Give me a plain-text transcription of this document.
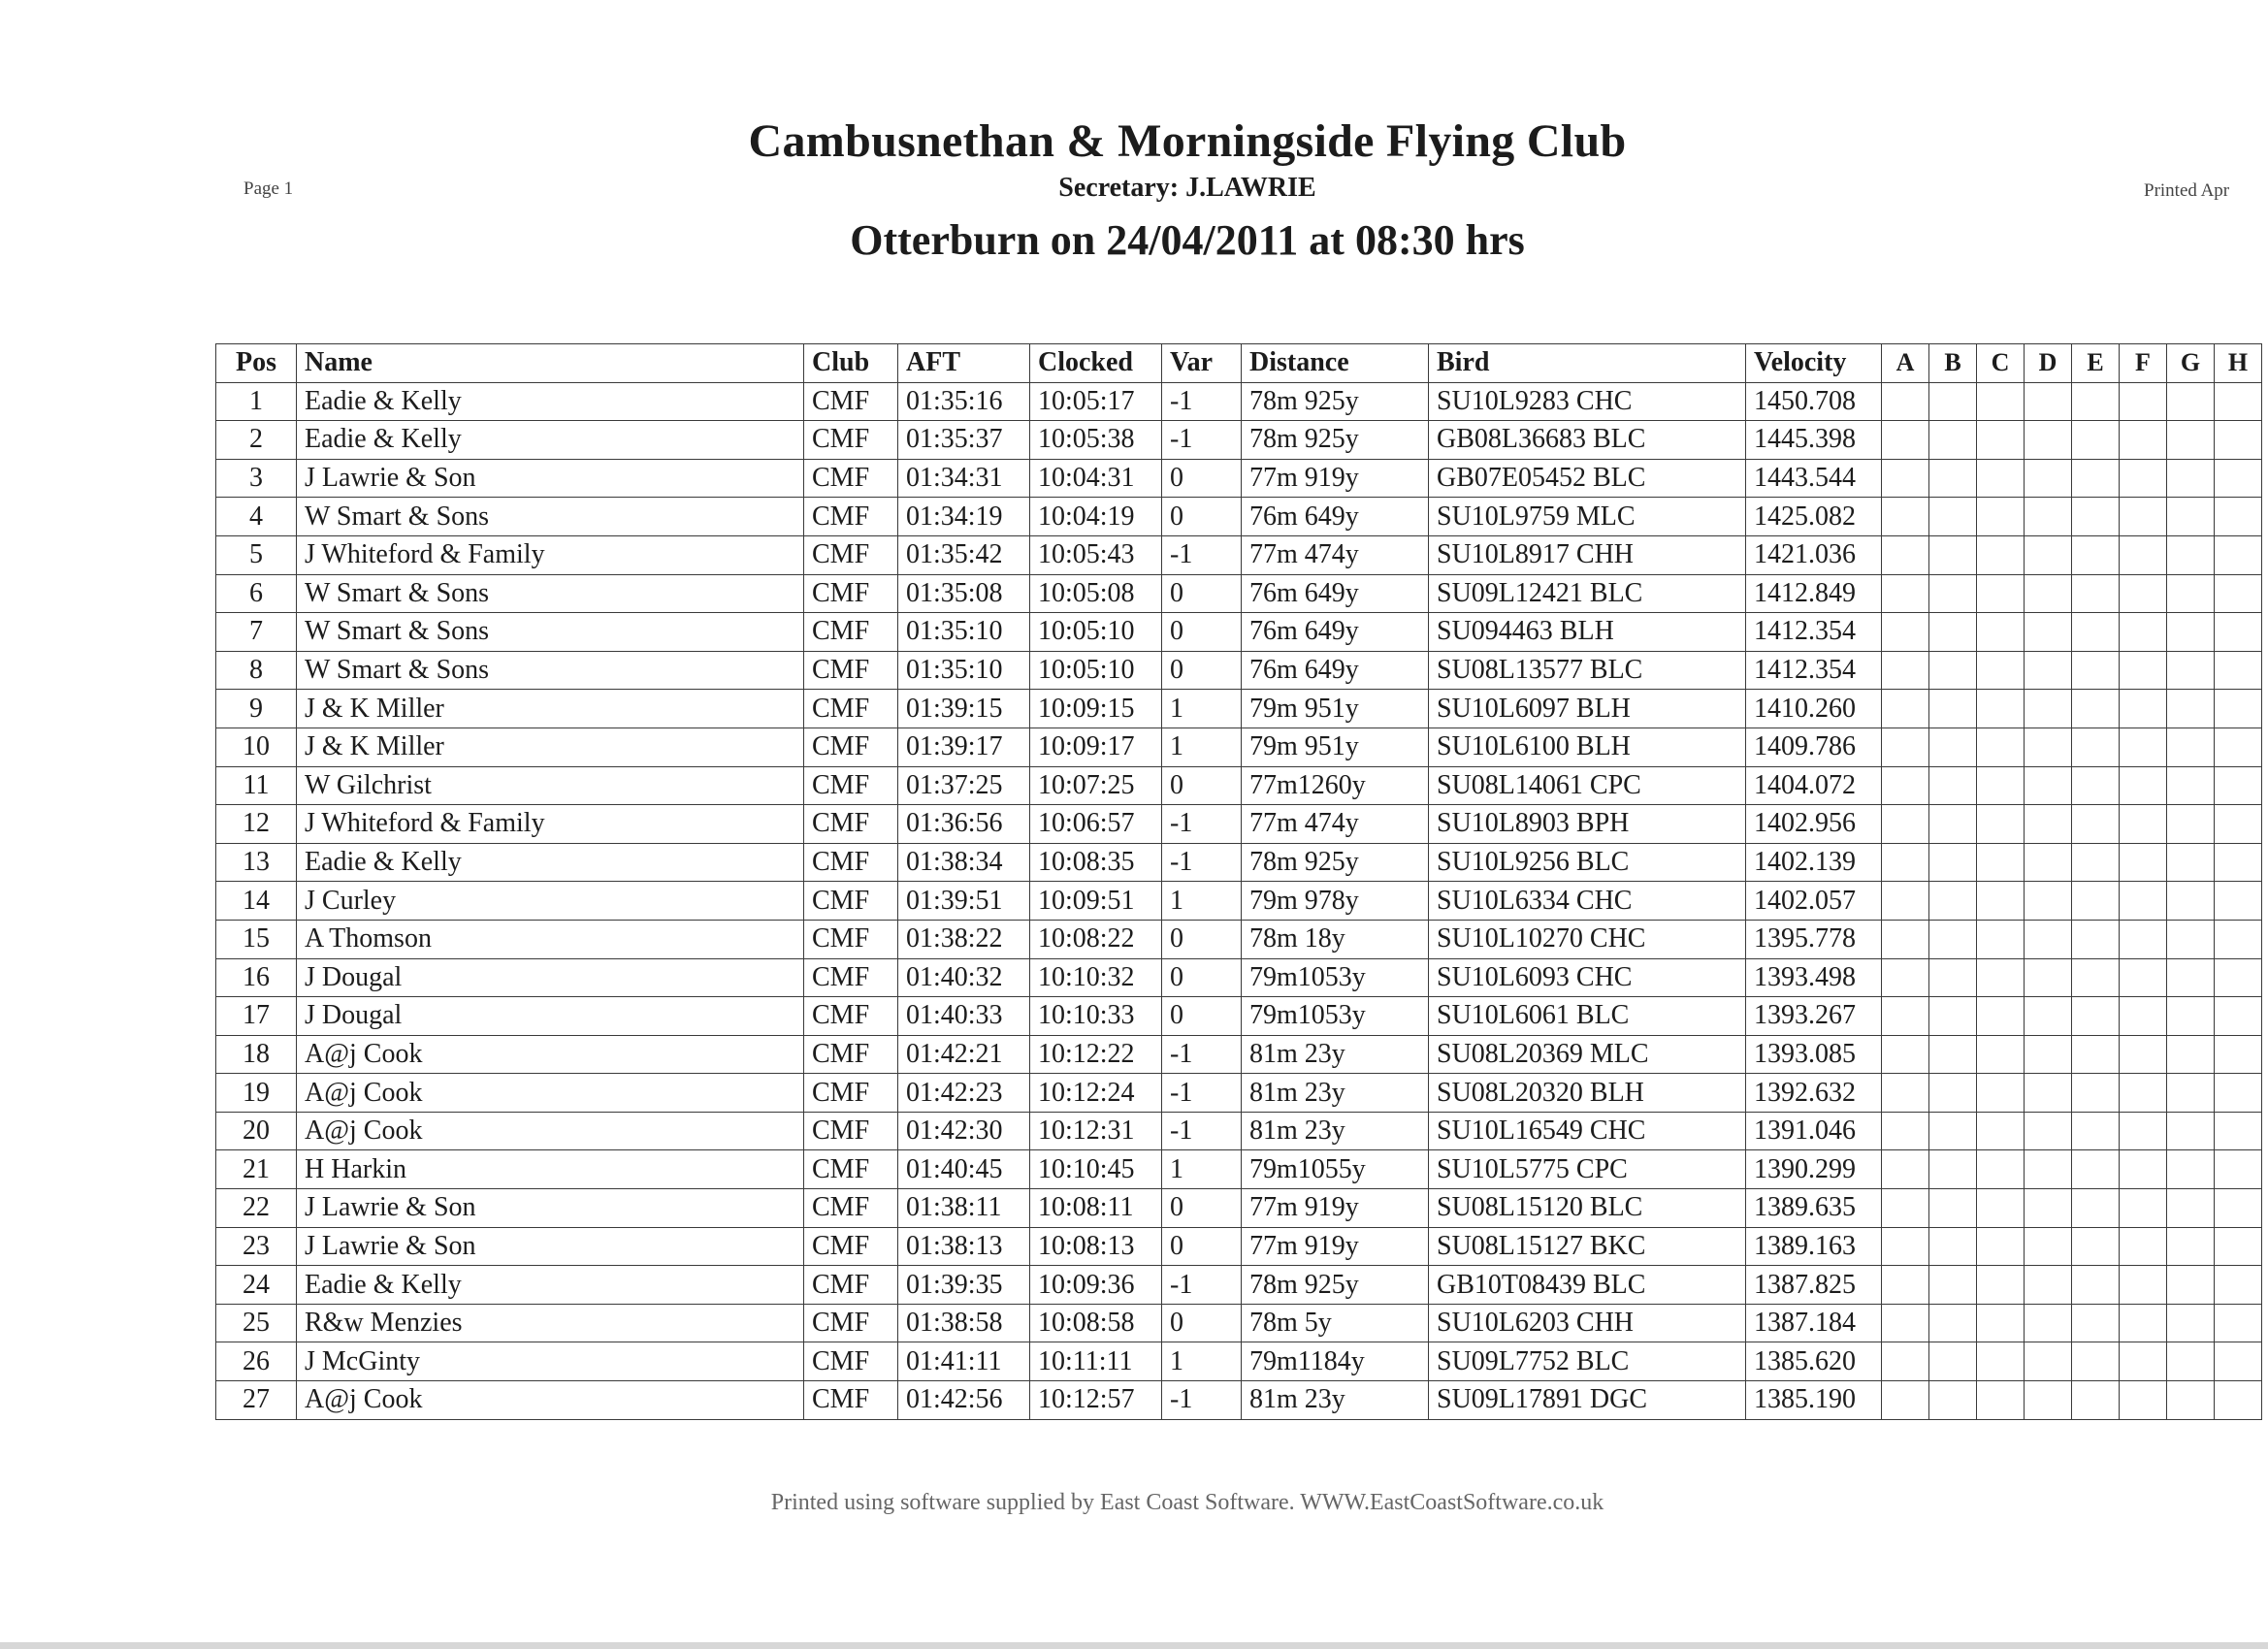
Page 1	Printed Apr
Cambusnethan & Morningside Flying Club
Secretary: J.LAWRIE
Otterburn on 24/04/2011 at 08:30 hrs
Pos	Name	Club	AFT	Clocked	Var	Distance	Bird	Velocity	A	B	C	D	E	F	G	H
1	Eadie & Kelly	CMF	01:35:16	10:05:17	-1	78m 925y	SU10L9283 CHC	1450.708								
2	Eadie & Kelly	CMF	01:35:37	10:05:38	-1	78m 925y	GB08L36683 BLC	1445.398								
3	J Lawrie & Son	CMF	01:34:31	10:04:31	0	77m 919y	GB07E05452 BLC	1443.544								
4	W Smart & Sons	CMF	01:34:19	10:04:19	0	76m 649y	SU10L9759 MLC	1425.082								
5	J Whiteford & Family	CMF	01:35:42	10:05:43	-1	77m 474y	SU10L8917 CHH	1421.036								
6	W Smart & Sons	CMF	01:35:08	10:05:08	0	76m 649y	SU09L12421 BLC	1412.849								
7	W Smart & Sons	CMF	01:35:10	10:05:10	0	76m 649y	SU094463 BLH	1412.354								
8	W Smart & Sons	CMF	01:35:10	10:05:10	0	76m 649y	SU08L13577 BLC	1412.354								
9	J & K Miller	CMF	01:39:15	10:09:15	1	79m 951y	SU10L6097 BLH	1410.260								
10	J & K Miller	CMF	01:39:17	10:09:17	1	79m 951y	SU10L6100 BLH	1409.786								
11	W Gilchrist	CMF	01:37:25	10:07:25	0	77m1260y	SU08L14061 CPC	1404.072								
12	J Whiteford & Family	CMF	01:36:56	10:06:57	-1	77m 474y	SU10L8903 BPH	1402.956								
13	Eadie & Kelly	CMF	01:38:34	10:08:35	-1	78m 925y	SU10L9256 BLC	1402.139								
14	J Curley	CMF	01:39:51	10:09:51	1	79m 978y	SU10L6334 CHC	1402.057								
15	A Thomson	CMF	01:38:22	10:08:22	0	78m 18y	SU10L10270 CHC	1395.778								
16	J Dougal	CMF	01:40:32	10:10:32	0	79m1053y	SU10L6093 CHC	1393.498								
17	J Dougal	CMF	01:40:33	10:10:33	0	79m1053y	SU10L6061 BLC	1393.267								
18	A@j Cook	CMF	01:42:21	10:12:22	-1	81m 23y	SU08L20369 MLC	1393.085								
19	A@j Cook	CMF	01:42:23	10:12:24	-1	81m 23y	SU08L20320 BLH	1392.632								
20	A@j Cook	CMF	01:42:30	10:12:31	-1	81m 23y	SU10L16549 CHC	1391.046								
21	H Harkin	CMF	01:40:45	10:10:45	1	79m1055y	SU10L5775 CPC	1390.299								
22	J Lawrie & Son	CMF	01:38:11	10:08:11	0	77m 919y	SU08L15120 BLC	1389.635								
23	J Lawrie & Son	CMF	01:38:13	10:08:13	0	77m 919y	SU08L15127 BKC	1389.163								
24	Eadie & Kelly	CMF	01:39:35	10:09:36	-1	78m 925y	GB10T08439 BLC	1387.825								
25	R&w Menzies	CMF	01:38:58	10:08:58	0	78m 5y	SU10L6203 CHH	1387.184								
26	J McGinty	CMF	01:41:11	10:11:11	1	79m1184y	SU09L7752 BLC	1385.620								
27	A@j Cook	CMF	01:42:56	10:12:57	-1	81m 23y	SU09L17891 DGC	1385.190								
Printed using software supplied by East Coast Software. WWW.EastCoastSoftware.co.uk
